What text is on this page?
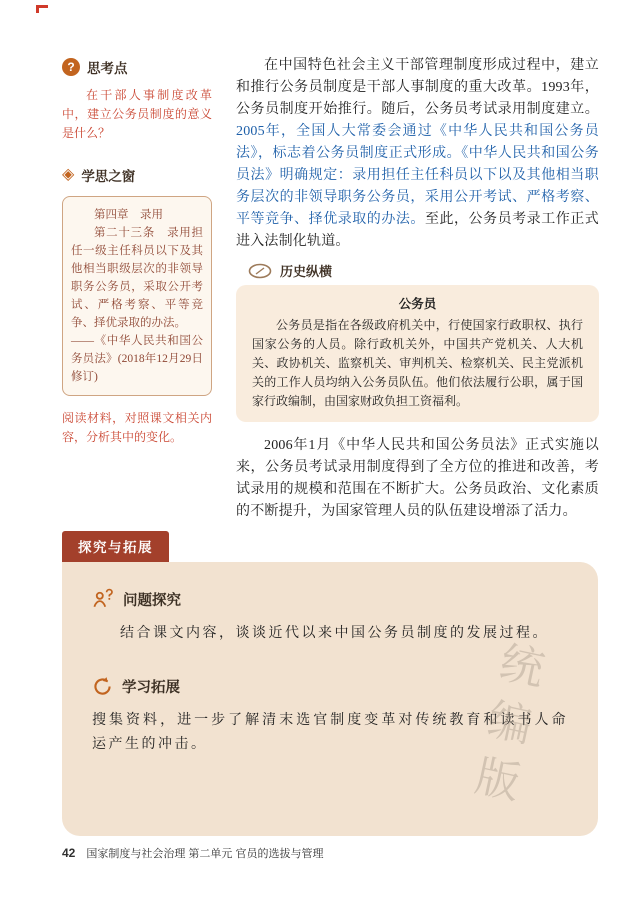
? 思考点

在干部人事制度改革中，建立公务员制度的意义是什么？

◈ 学思之窗
第四章　录用
第二十三条　录用担任一级主任科员以下及其他相当职级层次的非领导职务公务员，采取公开考试、严格考察、平等竞争、择优录取的办法。
——《中华人民共和国公务员法》(2018年12月29日修订)

阅读材料，对照课文相关内容，分析其中的变化。

在中国特色社会主义干部管理制度形成过程中，建立和推行公务员制度是干部人事制度的重大改革。1993年，公务员制度开始推行。随后，公务员考试录用制度建立。2005年，全国人大常委会通过《中华人民共和国公务员法》，标志着公务员制度正式形成。《中华人民共和国公务员法》明确规定：录用担任主任科员以下以及其他相当职务层次的非领导职务公务员，采用公开考试、严格考察、平等竞争、择优录取的办法。至此，公务员考录工作正式进入法制化轨道。

历史纵横
公务员

公务员是指在各级政府机关中，行使国家行政职权、执行国家公务的人员。除行政机关外，中国共产党机关、人大机关、政协机关、监察机关、审判机关、检察机关、民主党派机关的工作人员均纳入公务员队伍。他们依法履行公职，属于国家行政编制，由国家财政负担工资福利。

2006年1月《中华人民共和国公务员法》正式实施以来，公务员考试录用制度得到了全方位的推进和改善，考试录用的规模和范围在不断扩大。公务员政治、文化素质的不断提升，为国家管理人员的队伍建设增添了活力。

探究与拓展
问题探究

结合课文内容，谈谈近代以来中国公务员制度的发展过程。

学习拓展

搜集资料，进一步了解清末选官制度变革对传统教育和读书人命运产生的冲击。

42 国家制度与社会治理 第二单元 官员的选拔与管理
统编版
